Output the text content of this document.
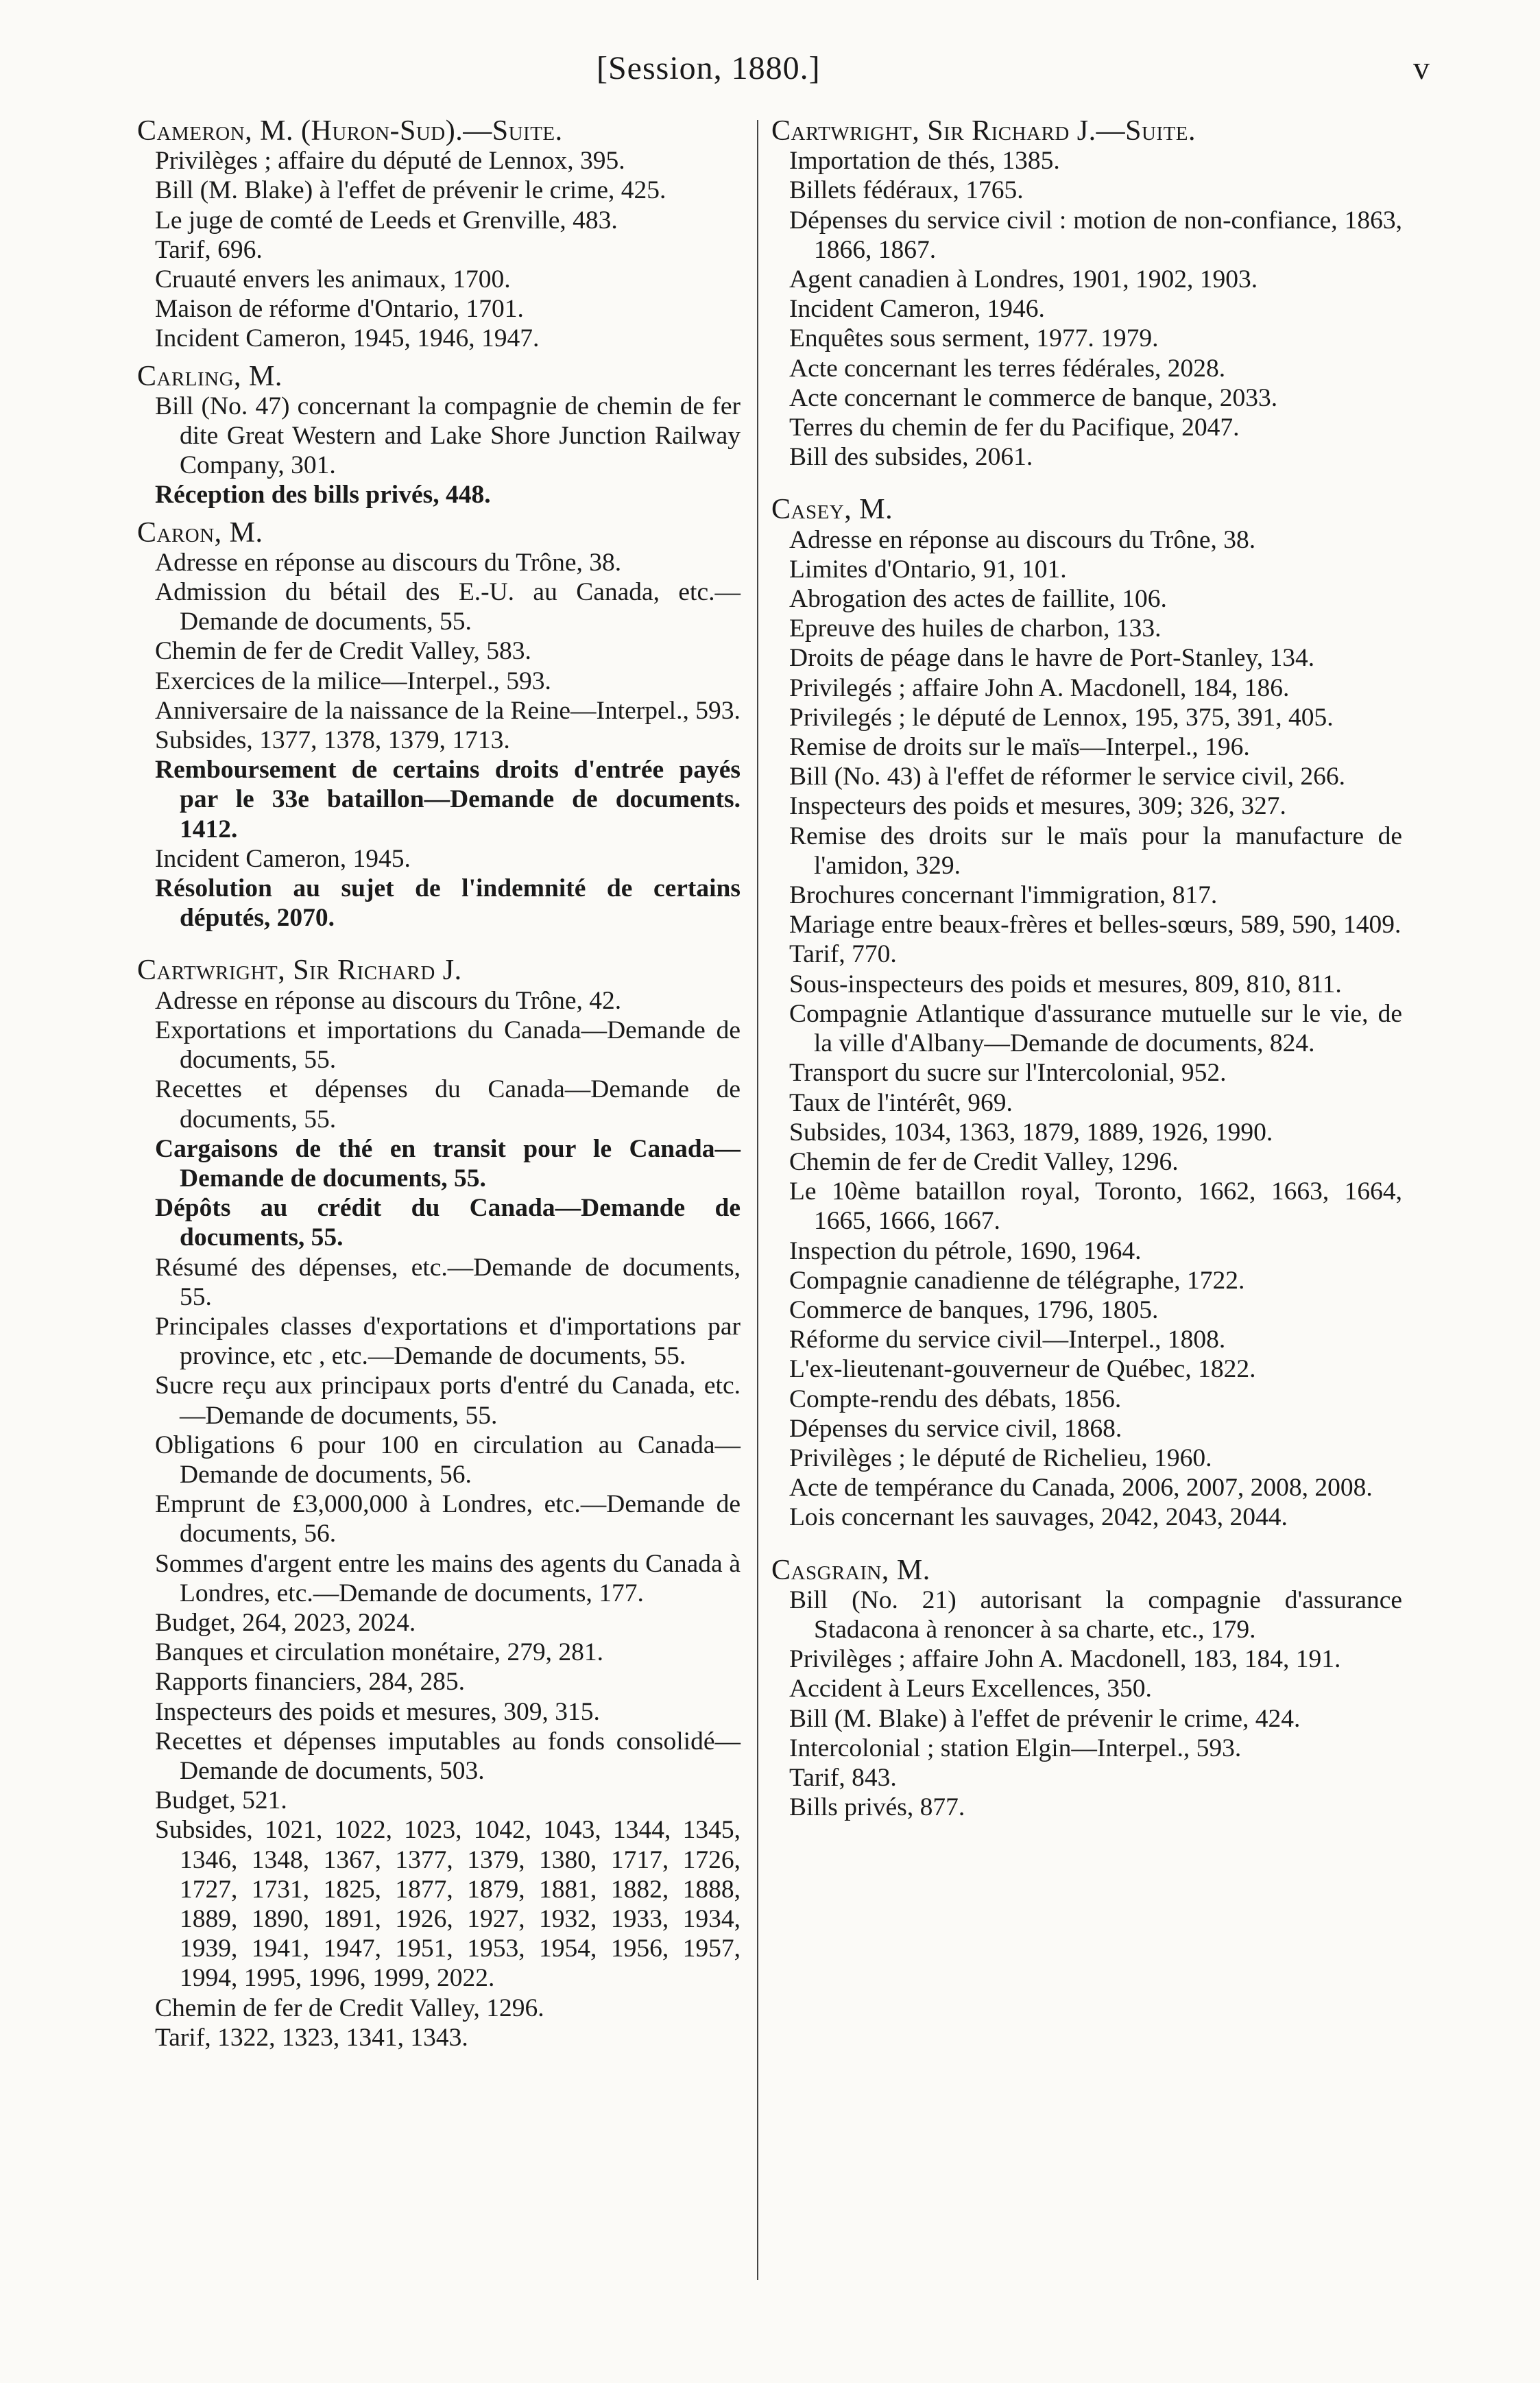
[Session, 1880.]	v
Cameron, M. (Huron-Sud).—Suite.
Privilèges ; affaire du député de Lennox, 395.
Bill (M. Blake) à l'effet de prévenir le crime, 425.
Le juge de comté de Leeds et Grenville, 483.
Tarif, 696.
Cruauté envers les animaux, 1700.
Maison de réforme d'Ontario, 1701.
Incident Cameron, 1945, 1946, 1947.
Carling, M.
Bill (No. 47) concernant la compagnie de chemin de fer dite Great Western and Lake Shore Junction Railway Company, 301.
Réception des bills privés, 448.
Caron, M.
Adresse en réponse au discours du Trône, 38.
Admission du bétail des E.-U. au Canada, etc.—Demande de documents, 55.
Chemin de fer de Credit Valley, 583.
Exercices de la milice—Interpel., 593.
Anniversaire de la naissance de la Reine—Interpel., 593.
Subsides, 1377, 1378, 1379, 1713.
Remboursement de certains droits d'entrée payés par le 33e bataillon—Demande de documents. 1412.
Incident Cameron, 1945.
Résolution au sujet de l'indemnité de certains députés, 2070.
Cartwright, Sir Richard J.
Adresse en réponse au discours du Trône, 42.
Exportations et importations du Canada—Demande de documents, 55.
Recettes et dépenses du Canada—Demande de documents, 55.
Cargaisons de thé en transit pour le Canada—Demande de documents, 55.
Dépôts au crédit du Canada—Demande de documents, 55.
Résumé des dépenses, etc.—Demande de documents, 55.
Principales classes d'exportations et d'importations par province, etc , etc.—Demande de documents, 55.
Sucre reçu aux principaux ports d'entré du Canada, etc.—Demande de documents, 55.
Obligations 6 pour 100 en circulation au Canada—Demande de documents, 56.
Emprunt de £3,000,000 à Londres, etc.—Demande de documents, 56.
Sommes d'argent entre les mains des agents du Canada à Londres, etc.—Demande de documents, 177.
Budget, 264, 2023, 2024.
Banques et circulation monétaire, 279, 281.
Rapports financiers, 284, 285.
Inspecteurs des poids et mesures, 309, 315.
Recettes et dépenses imputables au fonds consolidé—Demande de documents, 503.
Budget, 521.
Subsides, 1021, 1022, 1023, 1042, 1043, 1344, 1345, 1346, 1348, 1367, 1377, 1379, 1380, 1717, 1726, 1727, 1731, 1825, 1877, 1879, 1881, 1882, 1888, 1889, 1890, 1891, 1926, 1927, 1932, 1933, 1934, 1939, 1941, 1947, 1951, 1953, 1954, 1956, 1957, 1994, 1995, 1996, 1999, 2022.
Chemin de fer de Credit Valley, 1296.
Tarif, 1322, 1323, 1341, 1343.
Cartwright, Sir Richard J.—Suite.
Importation de thés, 1385.
Billets fédéraux, 1765.
Dépenses du service civil : motion de non-confiance, 1863, 1866, 1867.
Agent canadien à Londres, 1901, 1902, 1903.
Incident Cameron, 1946.
Enquêtes sous serment, 1977. 1979.
Acte concernant les terres fédérales, 2028.
Acte concernant le commerce de banque, 2033.
Terres du chemin de fer du Pacifique, 2047.
Bill des subsides, 2061.
Casey, M.
Adresse en réponse au discours du Trône, 38.
Limites d'Ontario, 91, 101.
Abrogation des actes de faillite, 106.
Epreuve des huiles de charbon, 133.
Droits de péage dans le havre de Port-Stanley, 134.
Privilegés ; affaire John A. Macdonell, 184, 186.
Privilegés ; le député de Lennox, 195, 375, 391, 405.
Remise de droits sur le maïs—Interpel., 196.
Bill (No. 43) à l'effet de réformer le service civil, 266.
Inspecteurs des poids et mesures, 309; 326, 327.
Remise des droits sur le maïs pour la manufacture de l'amidon, 329.
Brochures concernant l'immigration, 817.
Mariage entre beaux-frères et belles-sœurs, 589, 590, 1409.
Tarif, 770.
Sous-inspecteurs des poids et mesures, 809, 810, 811.
Compagnie Atlantique d'assurance mutuelle sur le vie, de la ville d'Albany—Demande de documents, 824.
Transport du sucre sur l'Intercolonial, 952.
Taux de l'intérêt, 969.
Subsides, 1034, 1363, 1879, 1889, 1926, 1990.
Chemin de fer de Credit Valley, 1296.
Le 10ème bataillon royal, Toronto, 1662, 1663, 1664, 1665, 1666, 1667.
Inspection du pétrole, 1690, 1964.
Compagnie canadienne de télégraphe, 1722.
Commerce de banques, 1796, 1805.
Réforme du service civil—Interpel., 1808.
L'ex-lieutenant-gouverneur de Québec, 1822.
Compte-rendu des débats, 1856.
Dépenses du service civil, 1868.
Privilèges ; le député de Richelieu, 1960.
Acte de tempérance du Canada, 2006, 2007, 2008, 2008.
Lois concernant les sauvages, 2042, 2043, 2044.
Casgrain, M.
Bill (No. 21) autorisant la compagnie d'assurance Stadacona à renoncer à sa charte, etc., 179.
Privilèges ; affaire John A. Macdonell, 183, 184, 191.
Accident à Leurs Excellences, 350.
Bill (M. Blake) à l'effet de prévenir le crime, 424.
Intercolonial ; station Elgin—Interpel., 593.
Tarif, 843.
Bills privés, 877.
